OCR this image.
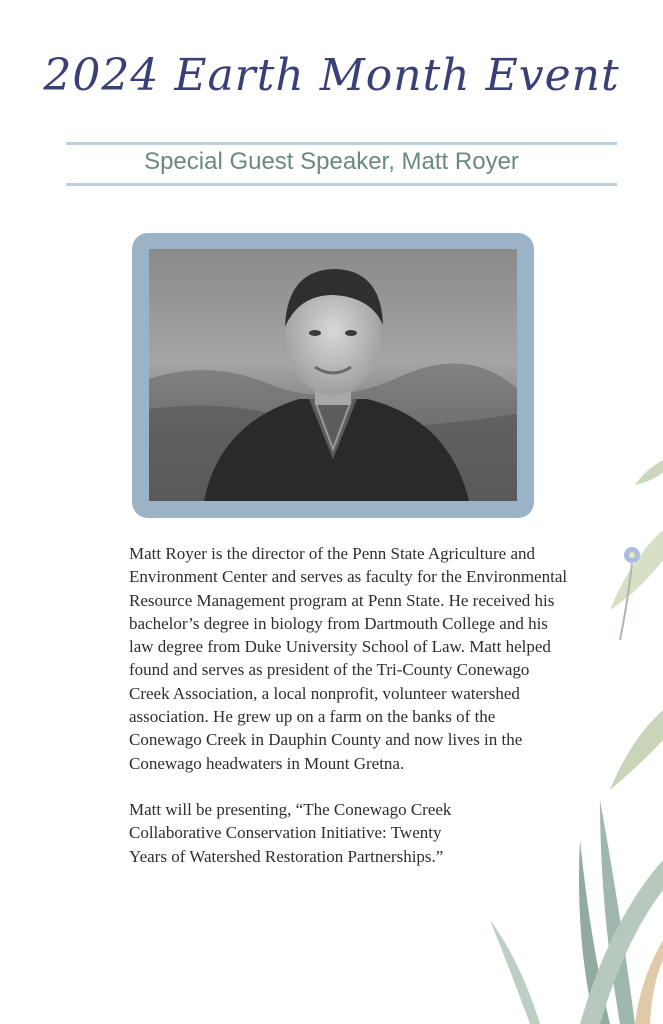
2024 Earth Month Event
Special Guest Speaker, Matt Royer

Matt Royer is the director of the Penn State Agriculture and Environment Center and serves as faculty for the Environmental Resource Management program at Penn State. He received his bachelor’s degree in biology from Dartmouth College and his law degree from Duke University School of Law. Matt helped found and serves as president of the Tri-County Conewago Creek Association, a local nonprofit, volunteer watershed association. He grew up on a farm on the banks of the Conewago Creek in Dauphin County and now lives in the Conewago headwaters in Mount Gretna.

Matt will be presenting, “The Conewago Creek Collaborative Conservation Initiative: Twenty Years of Watershed Restoration Partnerships.”
